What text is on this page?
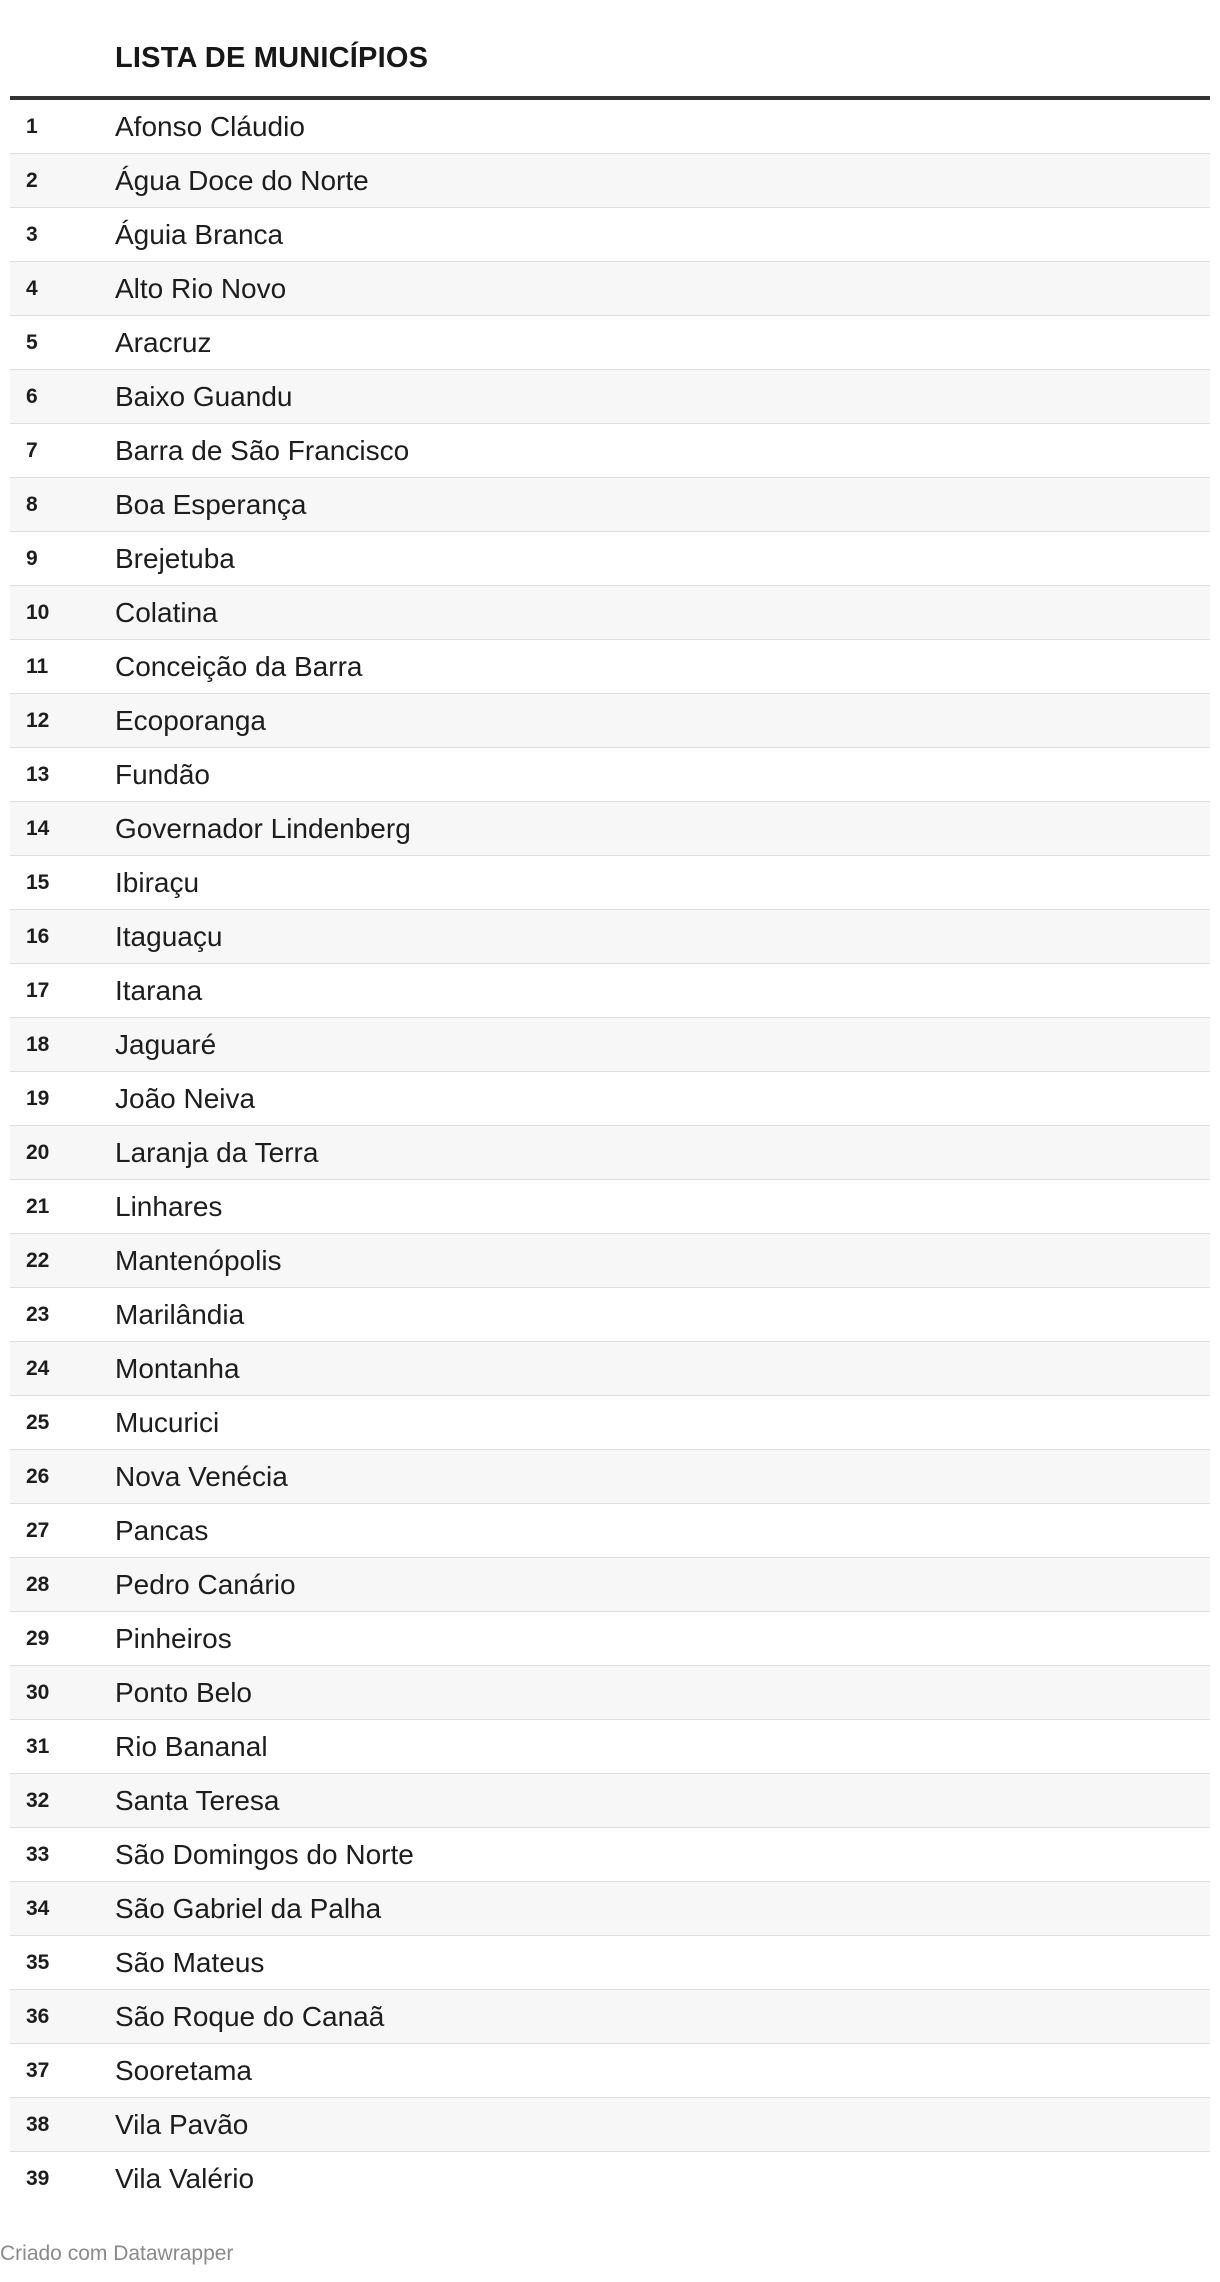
LISTA DE MUNICÍPIOS
1	Afonso Cláudio
2	Água Doce do Norte
3	Águia Branca
4	Alto Rio Novo
5	Aracruz
6	Baixo Guandu
7	Barra de São Francisco
8	Boa Esperança
9	Brejetuba
10 Colatina
11 Conceição da Barra
12 Ecoporanga
13 Fundão
14 Governador Lindenberg
15 Ibiraçu
16 Itaguaçu
17 Itarana
18 Jaguaré
19 João Neiva
20 Laranja da Terra
21 Linhares
22 Mantenópolis
23 Marilândia
24 Montanha
25 Mucurici
26 Nova Venécia
27 Pancas
28 Pedro Canário
29 Pinheiros
30 Ponto Belo
31 Rio Bananal
32 Santa Teresa
33 São Domingos do Norte
34 São Gabriel da Palha
35 São Mateus
36 São Roque do Canaã
37 Sooretama
38 Vila Pavão
39 Vila Valério
Criado com Datawrapper
